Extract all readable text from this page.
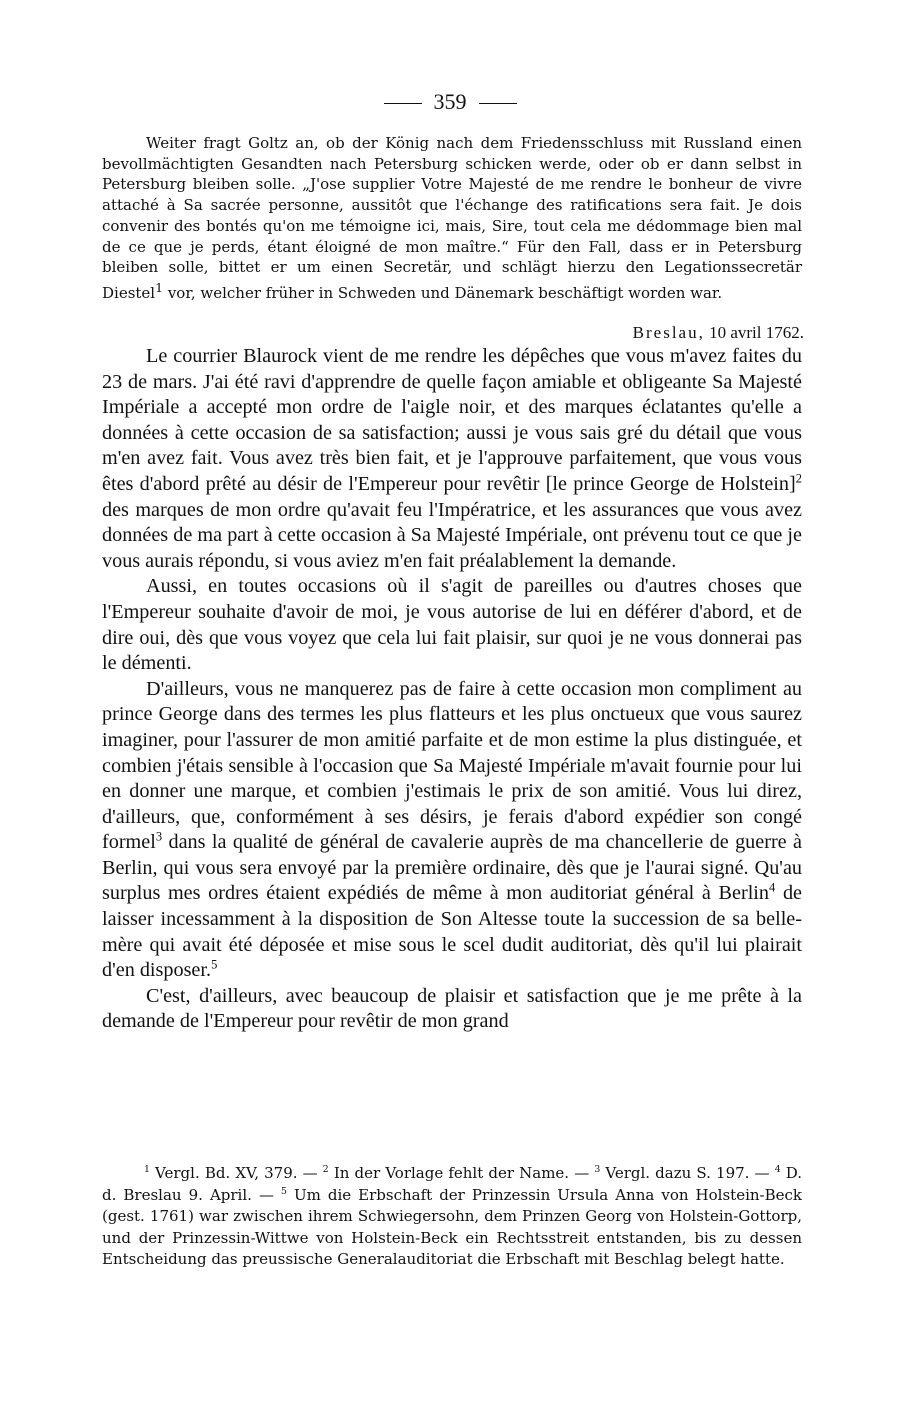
359
Weiter fragt Goltz an, ob der König nach dem Friedensschluss mit Russland einen bevollmächtigten Gesandten nach Petersburg schicken werde, oder ob er dann selbst in Petersburg bleiben solle. „J'ose supplier Votre Majesté de me rendre le bonheur de vivre attaché à Sa sacrée personne, aussitôt que l'échange des ratifications sera fait. Je dois convenir des bontés qu'on me témoigne ici, mais, Sire, tout cela me dédommage bien mal de ce que je perds, étant éloigné de mon maître.“ Für den Fall, dass er in Petersburg bleiben solle, bittet er um einen Secretär, und schlägt hierzu den Legationssecretär Diestel$^1$ vor, welcher früher in Schweden und Dänemark beschäftigt worden war.
Breslau, 10 avril 1762.

Le courrier Blaurock vient de me rendre les dépêches que vous m'avez faites du 23 de mars. J'ai été ravi d'apprendre de quelle façon amiable et obligeante Sa Majesté Impériale a accepté mon ordre de l'aigle noir, et des marques éclatantes qu'elle a données à cette occasion de sa satisfaction; aussi je vous sais gré du détail que vous m'en avez fait. Vous avez très bien fait, et je l'approuve parfaitement, que vous vous êtes d'abord prêté au désir de l'Empereur pour revêtir [le prince George de Holstein]$^2$ des marques de mon ordre qu'avait feu l'Impératrice, et les assurances que vous avez données de ma part à cette occasion à Sa Majesté Impériale, ont prévenu tout ce que je vous aurais répondu, si vous aviez m'en fait préalablement la demande.

Aussi, en toutes occasions où il s'agit de pareilles ou d'autres choses que l'Empereur souhaite d'avoir de moi, je vous autorise de lui en déférer d'abord, et de dire oui, dès que vous voyez que cela lui fait plaisir, sur quoi je ne vous donnerai pas le démenti.

D'ailleurs, vous ne manquerez pas de faire à cette occasion mon compliment au prince George dans des termes les plus flatteurs et les plus onctueux que vous saurez imaginer, pour l'assurer de mon amitié parfaite et de mon estime la plus distinguée, et combien j'étais sensible à l'occasion que Sa Majesté Impériale m'avait fournie pour lui en donner une marque, et combien j'estimais le prix de son amitié. Vous lui direz, d'ailleurs, que, conformément à ses désirs, je ferais d'abord expédier son congé formel$^3$ dans la qualité de général de cavalerie auprès de ma chancellerie de guerre à Berlin, qui vous sera envoyé par la première ordinaire, dès que je l'aurai signé. Qu'au surplus mes ordres étaient expédiés de même à mon auditoriat général à Berlin$^4$ de laisser incessamment à la disposition de Son Altesse toute la succession de sa belle-mère qui avait été déposée et mise sous le scel dudit auditoriat, dès qu'il lui plairait d'en disposer.$^5$

C'est, d'ailleurs, avec beaucoup de plaisir et satisfaction que je me prête à la demande de l'Empereur pour revêtir de mon grand

$^1$ Vergl. Bd. XV, 379. — $^2$ In der Vorlage fehlt der Name. — $^3$ Vergl. dazu S. 197. — $^4$ D. d. Breslau 9. April. — $^5$ Um die Erbschaft der Prinzessin Ursula Anna von Holstein-Beck (gest. 1761) war zwischen ihrem Schwiegersohn, dem Prinzen Georg von Holstein-Gottorp, und der Prinzessin-Wittwe von Holstein-Beck ein Rechtsstreit entstanden, bis zu dessen Entscheidung das preussische Generalauditoriat die Erbschaft mit Beschlag belegt hatte.
